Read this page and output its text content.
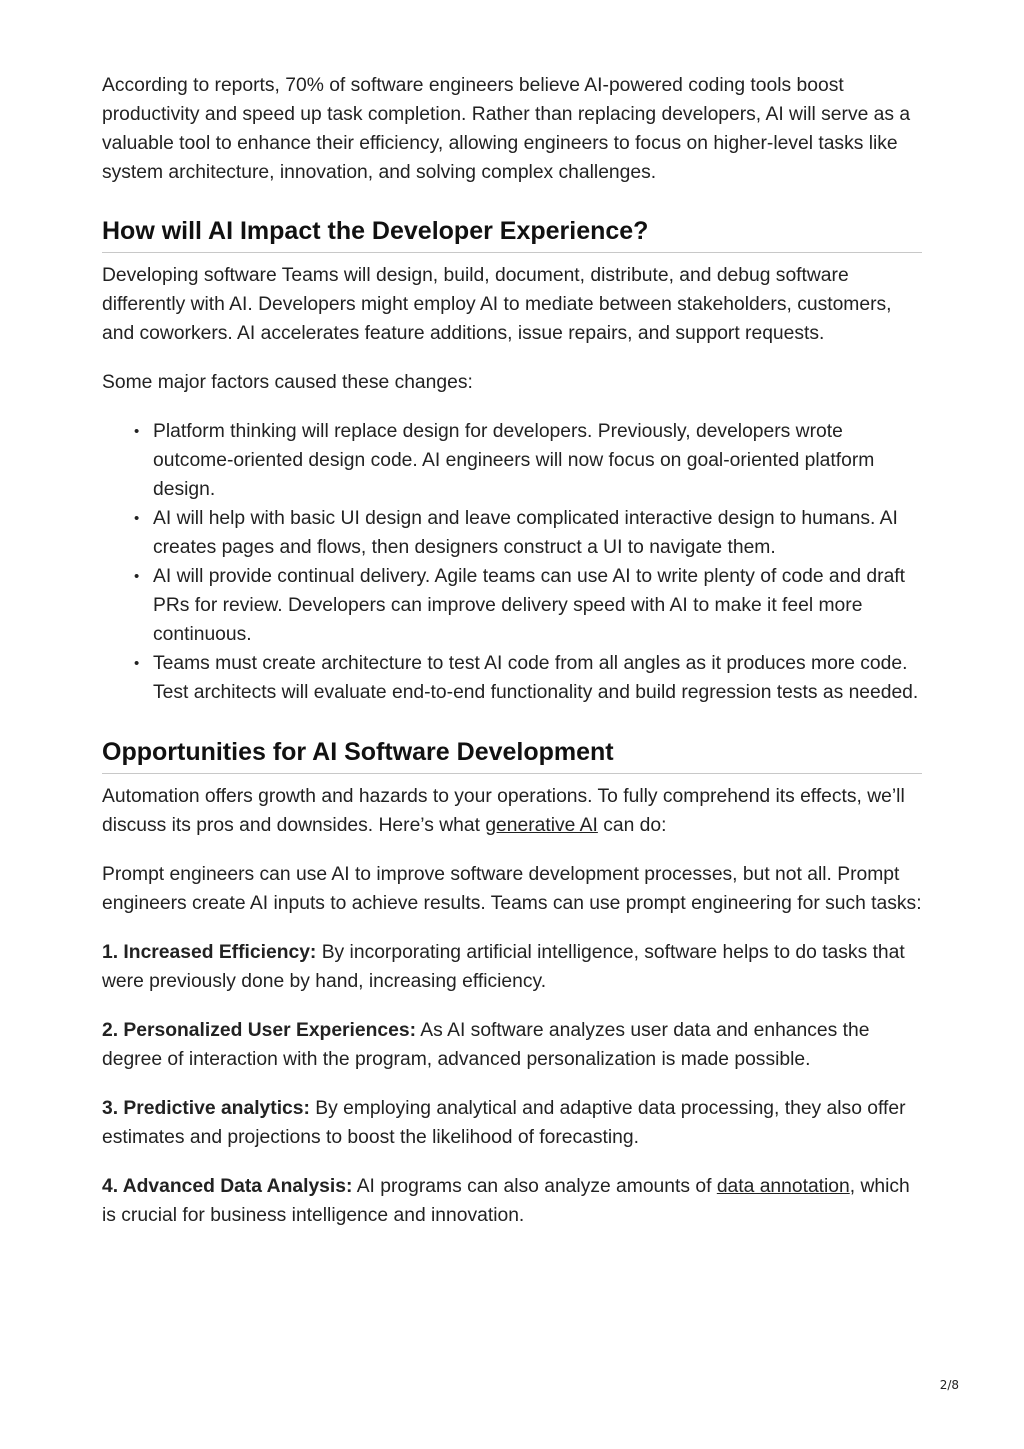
According to reports, 70% of software engineers believe AI-powered coding tools boost productivity and speed up task completion. Rather than replacing developers, AI will serve as a valuable tool to enhance their efficiency, allowing engineers to focus on higher-level tasks like system architecture, innovation, and solving complex challenges.

How will AI Impact the Developer Experience?

Developing software Teams will design, build, document, distribute, and debug software differently with AI. Developers might employ AI to mediate between stakeholders, customers, and coworkers. AI accelerates feature additions, issue repairs, and support requests.

Some major factors caused these changes:

• Platform thinking will replace design for developers. Previously, developers wrote outcome-oriented design code. AI engineers will now focus on goal-oriented platform design.
• AI will help with basic UI design and leave complicated interactive design to humans. AI creates pages and flows, then designers construct a UI to navigate them.
• AI will provide continual delivery. Agile teams can use AI to write plenty of code and draft PRs for review. Developers can improve delivery speed with AI to make it feel more continuous.
• Teams must create architecture to test AI code from all angles as it produces more code. Test architects will evaluate end-to-end functionality and build regression tests as needed.
Opportunities for AI Software Development

Automation offers growth and hazards to your operations. To fully comprehend its effects, we’ll discuss its pros and downsides. Here’s what generative AI can do:

Prompt engineers can use AI to improve software development processes, but not all. Prompt engineers create AI inputs to achieve results. Teams can use prompt engineering for such tasks:

1. Increased Efficiency: By incorporating artificial intelligence, software helps to do tasks that were previously done by hand, increasing efficiency.

2. Personalized User Experiences: As AI software analyzes user data and enhances the degree of interaction with the program, advanced personalization is made possible.

3. Predictive analytics: By employing analytical and adaptive data processing, they also offer estimates and projections to boost the likelihood of forecasting.

4. Advanced Data Analysis: AI programs can also analyze amounts of data annotation, which is crucial for business intelligence and innovation.

2/8
